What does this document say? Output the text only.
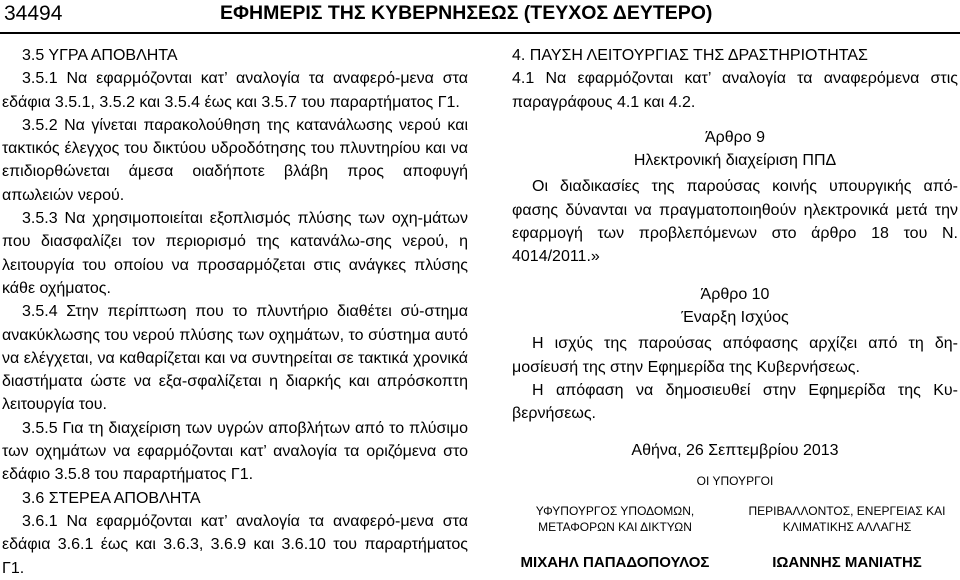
34494	ΕΦΗΜΕΡΙΣ ΤΗΣ ΚΥΒΕΡΝΗΣΕΩΣ (ΤΕΥΧΟΣ ΔΕΥΤΕΡΟ)

3.5 ΥΓΡΑ ΑΠΟΒΛΗΤΑ

3.5.1 Να εφαρμόζονται κατ’ αναλογία τα αναφερό-μενα στα εδάφια 3.5.1, 3.5.2 και 3.5.4 έως και 3.5.7 του παραρτήματος Γ1.

3.5.2 Να γίνεται παρακολούθηση της κατανάλωσης νερού και τακτικός έλεγχος του δικτύου υδροδότησης του πλυντηρίου και να επιδιορθώνεται άμεσα οιαδήποτε βλάβη προς αποφυγή απωλειών νερού.

3.5.3 Να χρησιμοποιείται εξοπλισμός πλύσης των οχη-μάτων που διασφαλίζει τον περιορισμό της κατανάλω-σης νερού, η λειτουργία του οποίου να προσαρμόζεται στις ανάγκες πλύσης κάθε οχήματος.

3.5.4 Στην περίπτωση που το πλυντήριο διαθέτει σύ-στημα ανακύκλωσης του νερού πλύσης των οχημάτων, το σύστημα αυτό να ελέγχεται, να καθαρίζεται και να συντηρείται σε τακτικά χρονικά διαστήματα ώστε να εξα-σφαλίζεται η διαρκής και απρόσκοπτη λειτουργία του.

3.5.5 Για τη διαχείριση των υγρών αποβλήτων από το πλύσιμο των οχημάτων να εφαρμόζονται κατ’ αναλογία τα οριζόμενα στο εδάφιο 3.5.8 του παραρτήματος Γ1.

3.6 ΣΤΕΡΕΑ ΑΠΟΒΛΗΤΑ

3.6.1 Να εφαρμόζονται κατ’ αναλογία τα αναφερό-μενα στα εδάφια 3.6.1 έως και 3.6.3, 3.6.9 και 3.6.10 του παραρτήματος Γ1.

4. ΠΑΥΣΗ ΛΕΙΤΟΥΡΓΙΑΣ ΤΗΣ ΔΡΑΣΤΗΡΙΟΤΗΤΑΣ

4.1 Να εφαρμόζονται κατ’ αναλογία τα αναφερόμενα στις παραγράφους 4.1 και 4.2.

Άρθρο 9

Ηλεκτρονική διαχείριση ΠΠΔ

Οι διαδικασίες της παρούσας κοινής υπουργικής από-φασης δύνανται να πραγματοποιηθούν ηλεκτρονικά μετά την εφαρμογή των προβλεπόμενων στο άρθρο 18 του Ν. 4014/2011.»

Άρθρο 10

Έναρξη Ισχύος

Η ισχύς της παρούσας απόφασης αρχίζει από τη δη-μοσίευσή της στην Εφημερίδα της Κυβερνήσεως.

Η απόφαση να δημοσιευθεί στην Εφημερίδα της Κυ-βερνήσεως.

Αθήνα, 26 Σεπτεμβρίου 2013

ΟΙ ΥΠΟΥΡΓΟΙ

ΥΦΥΠΟΥΡΓΟΣ ΥΠΟΔΟΜΩΝ, ΜΕΤΑΦΟΡΩΝ ΚΑΙ ΔΙΚΤΥΩΝ
ΠΕΡΙΒΑΛΛΟΝΤΟΣ, ΕΝΕΡΓΕΙΑΣ ΚΑΙ ΚΛΙΜΑΤΙΚΗΣ ΑΛΛΑΓΗΣ
ΜΙΧΑΗΛ ΠΑΠΑΔΟΠΟΥΛΟΣ	ΙΩΑΝΝΗΣ ΜΑΝΙΑΤΗΣ
